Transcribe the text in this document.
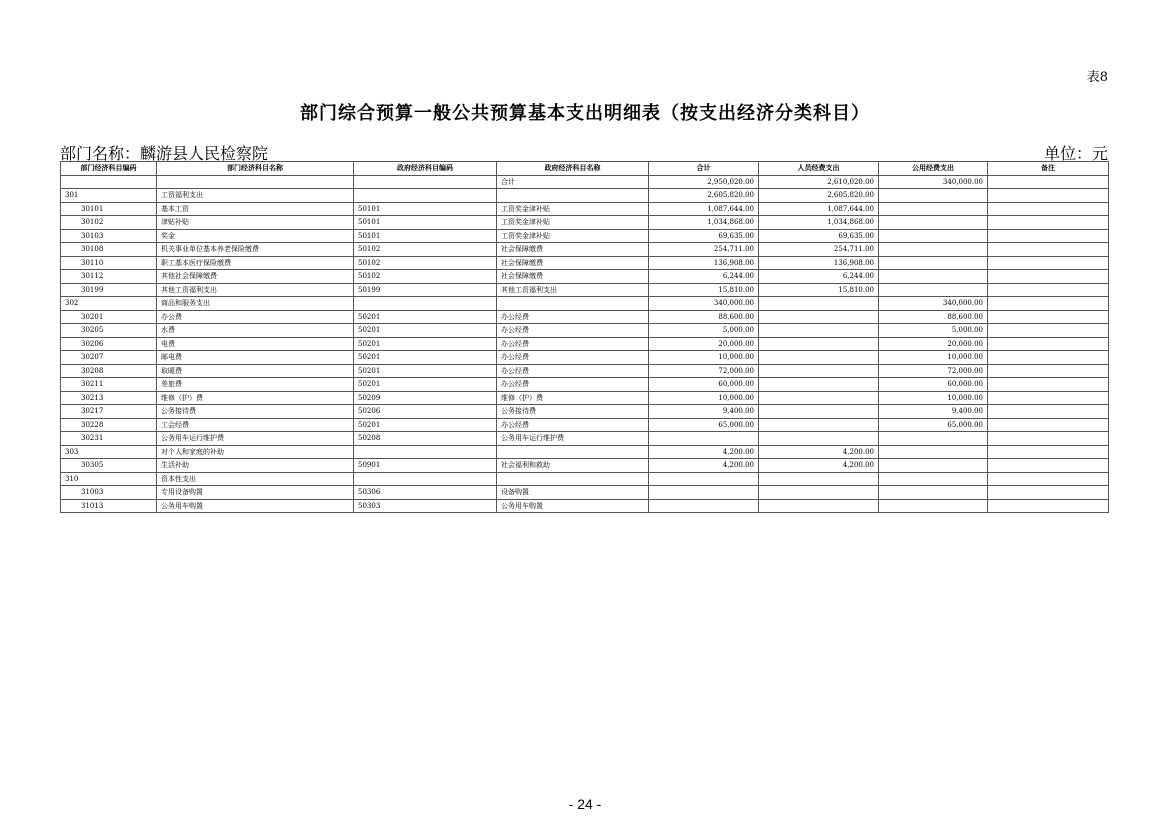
表8
部门综合预算一般公共预算基本支出明细表（按支出经济分类科目）
部门名称：麟游县人民检察院	单位：元
部门经济科目编码	部门经济科目名称	政府经济科目编码	政府经济科目名称	合计	人员经费支出	公用经费支出	备注
			合计	2,950,020.00	2,610,020.00	340,000.00	
301	工资福利支出			2,605,820.00	2,605,820.00		
30101	基本工资	50101	工资奖金津补贴	1,087,644.00	1,087,644.00		
30102	津贴补贴	50101	工资奖金津补贴	1,034,868.00	1,034,868.00		
30103	奖金	50101	工资奖金津补贴	69,635.00	69,635.00		
30108	机关事业单位基本养老保险缴费	50102	社会保障缴费	254,711.00	254,711.00		
30110	职工基本医疗保险缴费	50102	社会保障缴费	136,908.00	136,908.00		
30112	其他社会保障缴费	50102	社会保障缴费	6,244.00	6,244.00		
30199	其他工资福利支出	50199	其他工资福利支出	15,810.00	15,810.00		
302	商品和服务支出			340,000.00		340,000.00	
30201	办公费	50201	办公经费	88,600.00		88,600.00	
30205	水费	50201	办公经费	5,000.00		5,000.00	
30206	电费	50201	办公经费	20,000.00		20,000.00	
30207	邮电费	50201	办公经费	10,000.00		10,000.00	
30208	取暖费	50201	办公经费	72,000.00		72,000.00	
30211	差旅费	50201	办公经费	60,000.00		60,000.00	
30213	维修（护）费	50209	维修（护）费	10,000.00		10,000.00	
30217	公务接待费	50206	公务接待费	9,400.00		9,400.00	
30228	工会经费	50201	办公经费	65,000.00		65,000.00	
30231	公务用车运行维护费	50208	公务用车运行维护费				
303	对个人和家庭的补助			4,200.00	4,200.00		
30305	生活补助	50901	社会福利和救助	4,200.00	4,200.00		
310	资本性支出						
31003	专用设备购置	50306	设备购置				
31013	公务用车购置	50303	公务用车购置				
- 24 -
